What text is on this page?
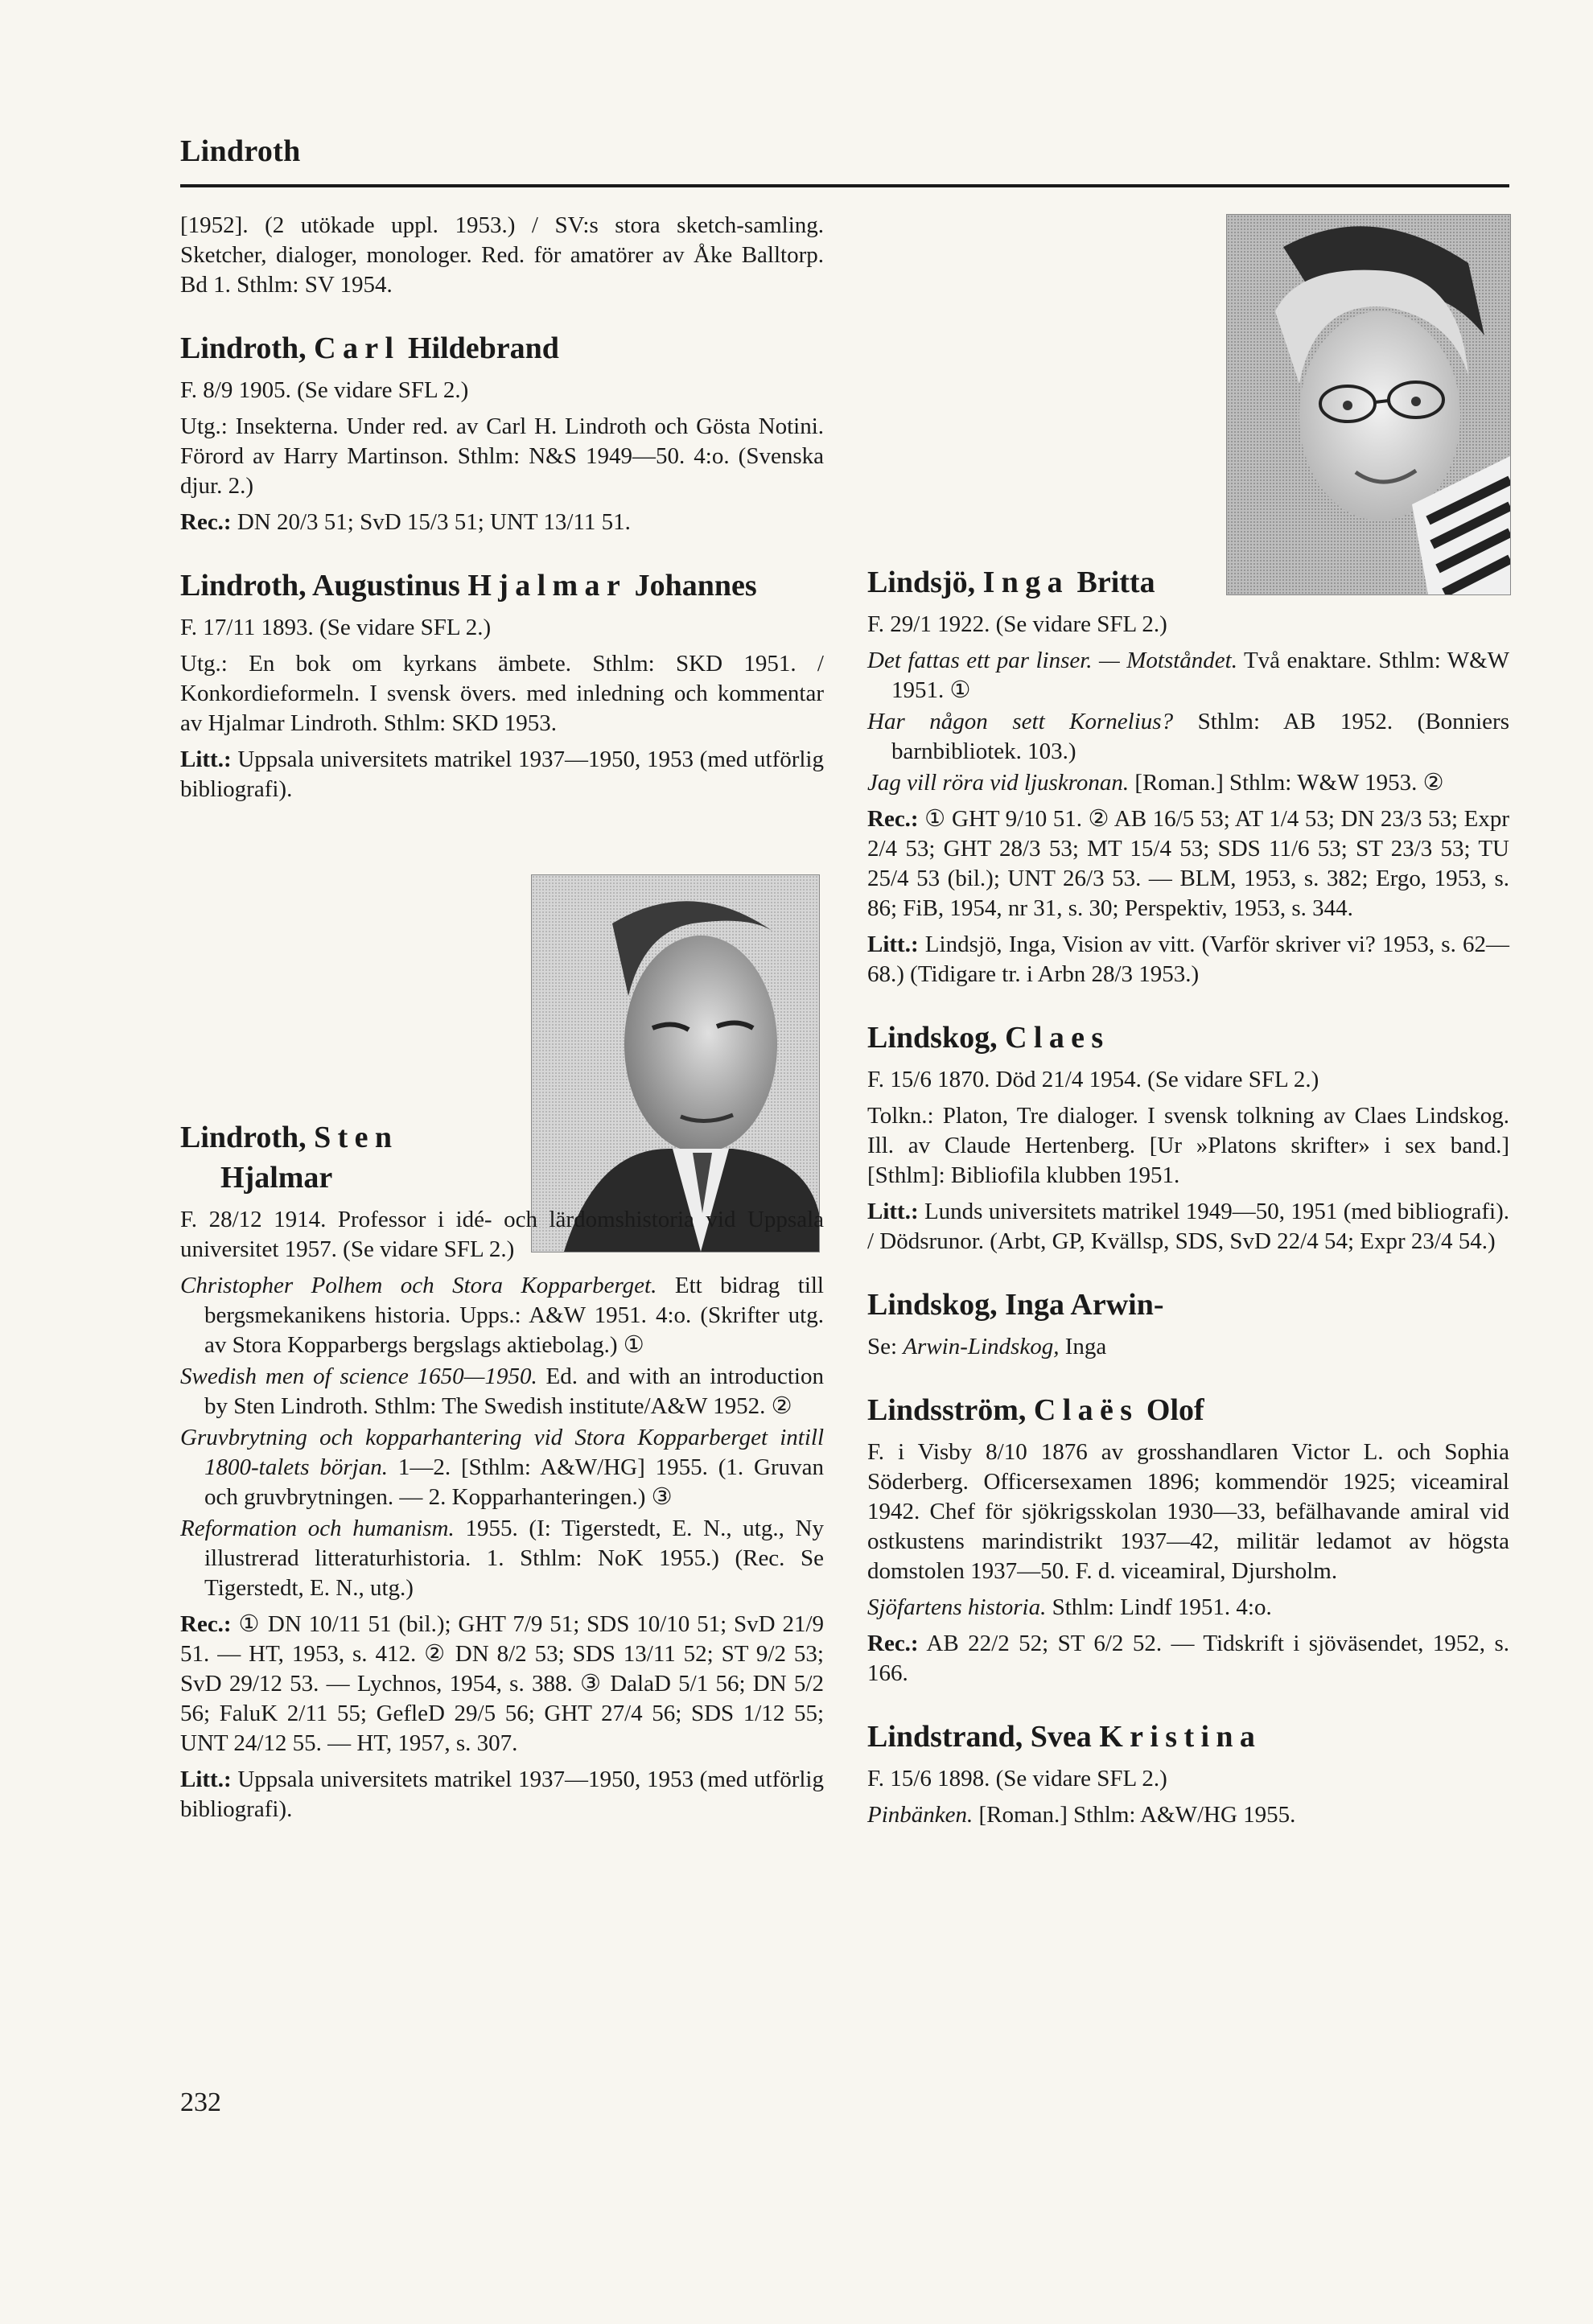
Lindroth
[1952]. (2 utökade uppl. 1953.) / SV:s stora sketch-samling. Sketcher, dialoger, monologer. Red. för amatörer av Åke Balltorp. Bd 1. Sthlm: SV 1954.
Lindroth, Carl Hildebrand
F. 8/9 1905. (Se vidare SFL 2.)
Utg.: Insekterna. Under red. av Carl H. Lindroth och Gösta Notini. Förord av Harry Martinson. Sthlm: N&S 1949—50. 4:o. (Svenska djur. 2.)
Rec.: DN 20/3 51; SvD 15/3 51; UNT 13/11 51.
Lindroth, Augustinus Hjalmar Johannes
F. 17/11 1893. (Se vidare SFL 2.)
Utg.: En bok om kyrkans ämbete. Sthlm: SKD 1951. / Konkordieformeln. I svensk övers. med inledning och kommentar av Hjalmar Lindroth. Sthlm: SKD 1953.
Litt.: Uppsala universitets matrikel 1937—1950, 1953 (med utförlig bibliografi).
Lindroth, Sten
Hjalmar
F. 28/12 1914. Professor i idé- och lärdomshistoria vid Uppsala universitet 1957. (Se vidare SFL 2.)
Christopher Polhem och Stora Kopparberget. Ett bidrag till bergsmekanikens historia. Upps.: A&W 1951. 4:o. (Skrifter utg. av Stora Kopparbergs bergslags aktiebolag.) ①
Swedish men of science 1650—1950. Ed. and with an introduction by Sten Lindroth. Sthlm: The Swedish institute/A&W 1952. ②
Gruvbrytning och kopparhantering vid Stora Kopparberget intill 1800-talets början. 1—2. [Sthlm: A&W/HG] 1955. (1. Gruvan och gruvbrytningen. — 2. Kopparhanteringen.) ③
Reformation och humanism. 1955. (I: Tigerstedt, E. N., utg., Ny illustrerad litteraturhistoria. 1. Sthlm: NoK 1955.) (Rec. Se Tigerstedt, E. N., utg.)
Rec.: ① DN 10/11 51 (bil.); GHT 7/9 51; SDS 10/10 51; SvD 21/9 51. — HT, 1953, s. 412. ② DN 8/2 53; SDS 13/11 52; ST 9/2 53; SvD 29/12 53. — Lychnos, 1954, s. 388. ③ DalaD 5/1 56; DN 5/2 56; FaluK 2/11 55; GefleD 29/5 56; GHT 27/4 56; SDS 1/12 55; UNT 24/12 55. — HT, 1957, s. 307.
Litt.: Uppsala universitets matrikel 1937—1950, 1953 (med utförlig bibliografi).
Lindsjö, Inga Britta
F. 29/1 1922. (Se vidare SFL 2.)
Det fattas ett par linser. — Motståndet. Två enaktare. Sthlm: W&W 1951. ①
Har någon sett Kornelius? Sthlm: AB 1952. (Bonniers barnbibliotek. 103.)
Jag vill röra vid ljuskronan. [Roman.] Sthlm: W&W 1953. ②
Rec.: ① GHT 9/10 51. ② AB 16/5 53; AT 1/4 53; DN 23/3 53; Expr 2/4 53; GHT 28/3 53; MT 15/4 53; SDS 11/6 53; ST 23/3 53; TU 25/4 53 (bil.); UNT 26/3 53. — BLM, 1953, s. 382; Ergo, 1953, s. 86; FiB, 1954, nr 31, s. 30; Perspektiv, 1953, s. 344.
Litt.: Lindsjö, Inga, Vision av vitt. (Varför skriver vi? 1953, s. 62—68.) (Tidigare tr. i Arbn 28/3 1953.)
Lindskog, Claes
F. 15/6 1870. Död 21/4 1954. (Se vidare SFL 2.)
Tolkn.: Platon, Tre dialoger. I svensk tolkning av Claes Lindskog. Ill. av Claude Hertenberg. [Ur »Platons skrifter» i sex band.] [Sthlm]: Bibliofila klubben 1951.
Litt.: Lunds universitets matrikel 1949—50, 1951 (med bibliografi). / Dödsrunor. (Arbt, GP, Kvällsp, SDS, SvD 22/4 54; Expr 23/4 54.)
Lindskog, Inga Arwin-
Se: Arwin-Lindskog, Inga
Lindsström, Claës Olof
F. i Visby 8/10 1876 av grosshandlaren Victor L. och Sophia Söderberg. Officersexamen 1896; kommendör 1925; viceamiral 1942. Chef för sjökrigsskolan 1930—33, befälhavande amiral vid ostkustens marindistrikt 1937—42, militär ledamot av högsta domstolen 1937—50. F. d. viceamiral, Djursholm.
Sjöfartens historia. Sthlm: Lindf 1951. 4:o.
Rec.: AB 22/2 52; ST 6/2 52. — Tidskrift i sjöväsendet, 1952, s. 166.
Lindstrand, Svea Kristina
F. 15/6 1898. (Se vidare SFL 2.)
Pinbänken. [Roman.] Sthlm: A&W/HG 1955.
232
